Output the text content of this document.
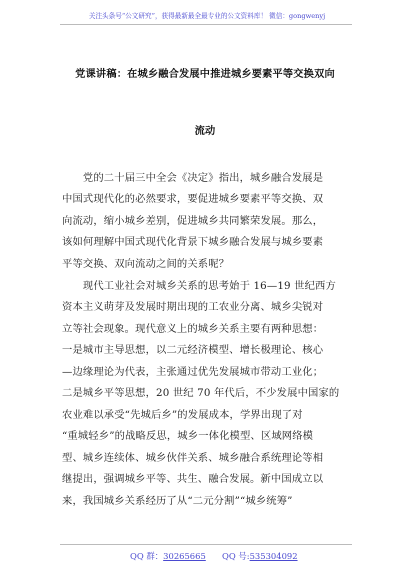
关注头条号“公文研究”，获得最新最全最专业的公文资料库！ 微信：gongwenyj
党课讲稿：在城乡融合发展中推进城乡要素平等交换双向
流动
　　党的二十届三中全会《决定》指出，城乡融合发展是
中国式现代化的必然要求，要促进城乡要素平等交换、双
向流动，缩小城乡差别，促进城乡共同繁荣发展。那么，
该如何理解中国式现代化背景下城乡融合发展与城乡要素
平等交换、双向流动之间的关系呢？
　　现代工业社会对城乡关系的思考始于 16—19 世纪西方
资本主义萌芽及发展时期出现的工农业分离、城乡尖锐对
立等社会现象。现代意义上的城乡关系主要有两种思想：
一是城市主导思想，以二元经济模型、增长极理论、核心
—边缘理论为代表，主张通过优先发展城市带动工业化；
二是城乡平等思想，20 世纪 70 年代后，不少发展中国家的
农业难以承受“先城后乡”的发展成本，学界出现了对
“重城轻乡”的战略反思，城乡一体化模型、区域网络模
型、城乡连续体、城乡伙伴关系、城乡融合系统理论等相
继提出，强调城乡平等、共生、融合发展。新中国成立以
来，我国城乡关系经历了从“二元分割”“城乡统筹”
QQ 群：30265665 QQ 号:535304092
